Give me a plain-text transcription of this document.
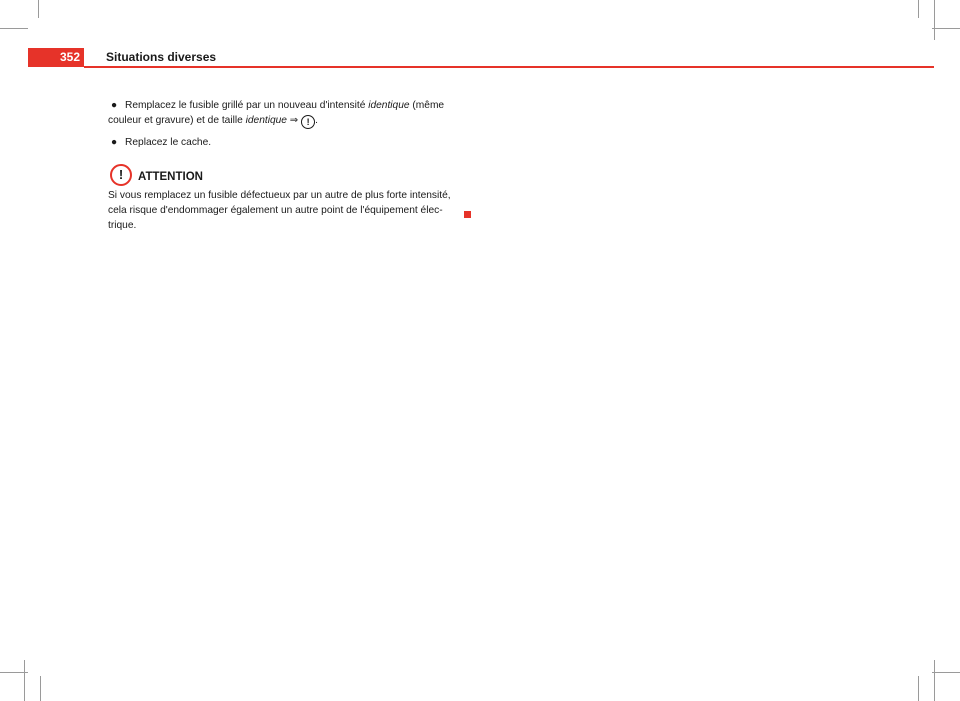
352	Situations diverses
● Remplacez le fusible grillé par un nouveau d'intensité identique (même
couleur et gravure) et de taille identique ⇒ ! .
● Replacez le cache.
!	ATTENTION
Si vous remplacez un fusible défectueux par un autre de plus forte intensité,
cela risque d'endommager également un autre point de l'équipement élec-
trique.
